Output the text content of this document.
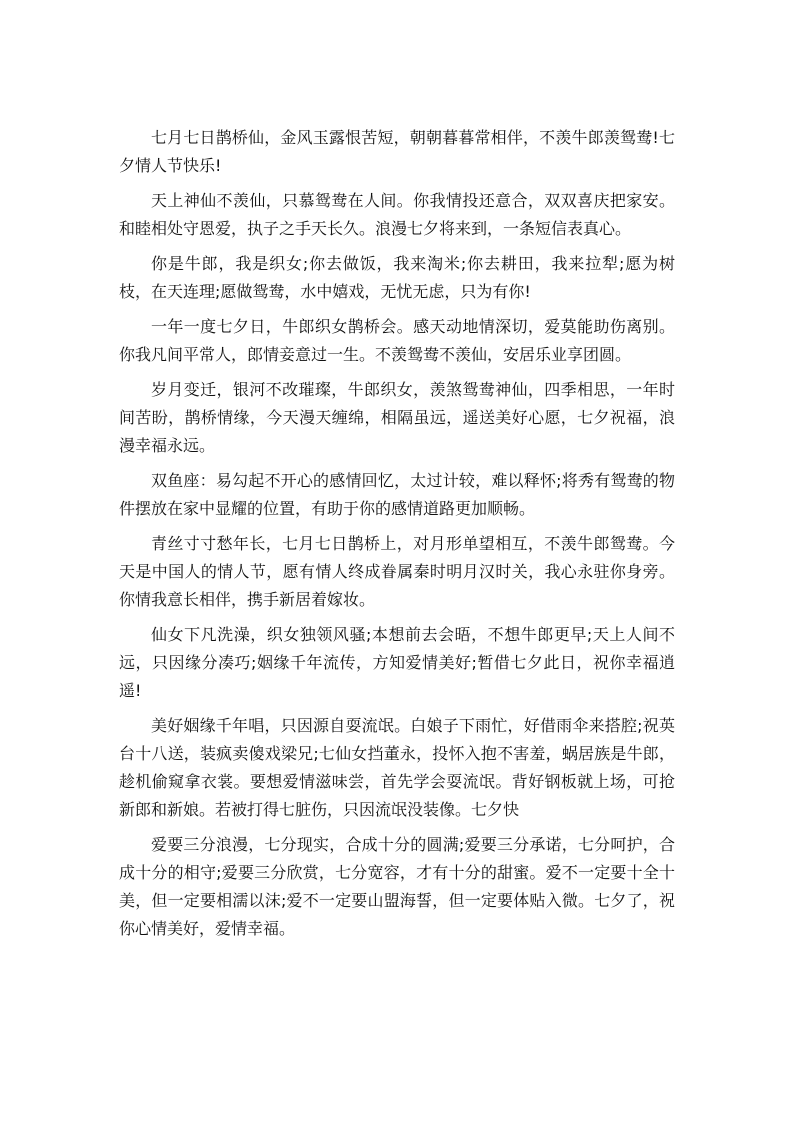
七月七日鹊桥仙，金风玉露恨苦短，朝朝暮暮常相伴，不羡牛郎羡鸳鸯!七夕情人节快乐!

天上神仙不羡仙，只慕鸳鸯在人间。你我情投还意合，双双喜庆把家安。和睦相处守恩爱，执子之手天长久。浪漫七夕将来到，一条短信表真心。

你是牛郎，我是织女;你去做饭，我来淘米;你去耕田，我来拉犁;愿为树枝，在天连理;愿做鸳鸯，水中嬉戏，无忧无虑，只为有你!

一年一度七夕日，牛郎织女鹊桥会。感天动地情深切，爱莫能助伤离别。你我凡间平常人，郎情妾意过一生。不羡鸳鸯不羡仙，安居乐业享团圆。

岁月变迁，银河不改璀璨，牛郎织女，羡煞鸳鸯神仙，四季相思，一年时间苦盼，鹊桥情缘，今天漫天缠绵，相隔虽远，遥送美好心愿，七夕祝福，浪漫幸福永远。

双鱼座：易勾起不开心的感情回忆，太过计较，难以释怀;将秀有鸳鸯的物件摆放在家中显耀的位置，有助于你的感情道路更加顺畅。

青丝寸寸愁年长，七月七日鹊桥上，对月形单望相互，不羡牛郎鸳鸯。今天是中国人的情人节，愿有情人终成眷属秦时明月汉时关，我心永驻你身旁。你情我意长相伴，携手新居着嫁妆。

仙女下凡洗澡，织女独领风骚;本想前去会晤，不想牛郎更早;天上人间不远，只因缘分凑巧;姻缘千年流传，方知爱情美好;暂借七夕此日，祝你幸福逍遥!

美好姻缘千年唱，只因源自耍流氓。白娘子下雨忙，好借雨伞来搭腔;祝英台十八送，装疯卖傻戏梁兄;七仙女挡董永，投怀入抱不害羞，蜗居族是牛郎，趁机偷窥拿衣裳。要想爱情滋味尝，首先学会耍流氓。背好钢板就上场，可抢新郎和新娘。若被打得七脏伤，只因流氓没装像。七夕快

爱要三分浪漫，七分现实，合成十分的圆满;爱要三分承诺，七分呵护，合成十分的相守;爱要三分欣赏，七分宽容，才有十分的甜蜜。爱不一定要十全十美，但一定要相濡以沫;爱不一定要山盟海誓，但一定要体贴入微。七夕了，祝你心情美好，爱情幸福。
